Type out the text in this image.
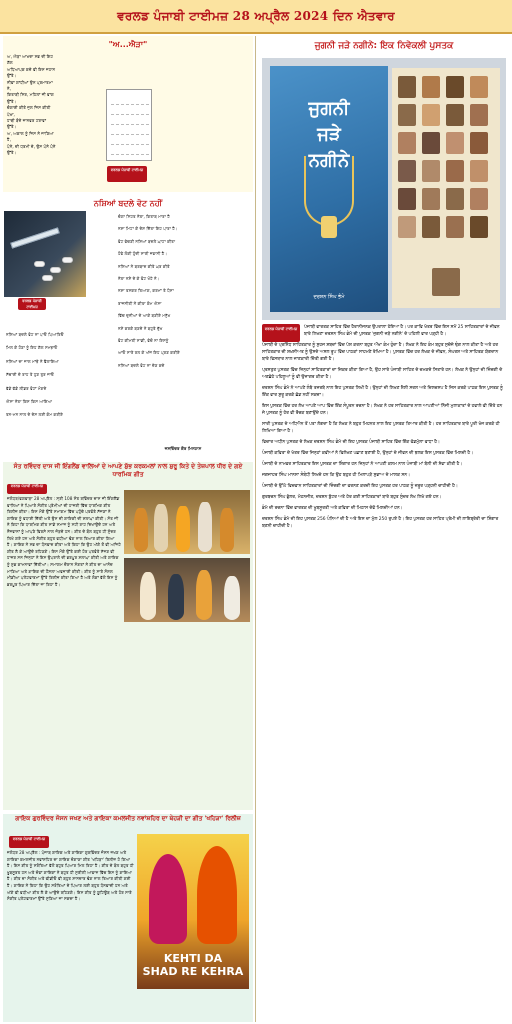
ਵਰਲਡ ਪੰਜਾਬੀ ਟਾਈਮਜ਼ 28 ਅਪ੍ਰੈਲ 2024 ਦਿਨ ਐਤਵਾਰ
"ਅ...ਐੜਾ"
ਅ, ਐੜਾ ਆਖਦਾ ਸਭ ਦੀ ਇਹ
ਗੱਲ
ਅਧਿਆਪਕ ਕਦੇ ਵੀ ਇਸ ਜਹਾਨ
ਉੱਤੇ।
ਨੀਵਾਂ ਗਾਂਧੀਆਂ ਉਨ ਪ੍ਰਮਾਤਮਾ
ਨੇ,
ਕਿਤਾਬੀ ਸਿਰ, ਮਹਿਲਾਂ ਜੀ ਵਾਂਗ
ਉੱਤੇ।
ਚੰਗਾਈ ਕੀਤੇ ਜੁਲ ਜਿਸ ਕੀਤੀ
ਪੇਖਾ,
ਹਾਥੀ ਬੰਦੇ ਜਾਨਵਰ ਟਰਾਵਾਂ
ਉੱਤੇ।
ਅ, ਅਕਾਲ ਨੂੰ ਜਿਸ ਨੇ ਜਾਣਿਆ
ਹੈ,
ਪੰਨੇ, ਦੀ ਧਰਮੀ ਦੇ, ਉਸ ਪੰਨੇ ਪੰਨੇ
ਉੱਤੇ।
ਵਰਲਡ ਪੰਜਾਬੀ ਟਾਈਮਜ਼
ਨਸ਼ਿਆਂ ਬਦਲੇ ਵੋਟ ਨਹੀਂ
ਵਰਲਡ ਪੰਜਾਬੀ ਟਾਈਮਜ਼
ਚੰਗਾ ਸਿਹਤ ਨੇਤਾ, ਕਿਤਾਬ ਮਾਰਾ ਹੈ
ਨਸ਼ਾ ਮਿਟਾ ਕੇ ਦੇਸ਼ ਦਿੱਤਾ ਇਹ ਪਾਰਾ ਹੈ।
ਵੋਟ ਵੇਚਣੀ ਨਸ਼ਿਆਂ ਬਦਲੇ ਘਾਟਾ ਕੀਤਾ
ਹੋਵੇ ਲੋਕੀ ਹੁੰਦੀ ਸਾਰੀ ਜਵਾਨੀ ਹੈ।
ਨਸ਼ਿਆਂ ਨੇ ਬਰਬਾਦ ਕੀਤੇ ਘਰ ਕੀਤੇ
ਨੇਤਾ ਨਸ਼ੇ ਦੇ ਕੇ ਵੋਟ ਖੋਹੇ ਨੇ।
ਨਸ਼ਾ ਤਸਕਰ ਤਿਆਗ, ਕਰਮਾਂ ਤੇ ਪੈਸਾ
ਰਾਜਨੀਤੀ ਨੇ ਕੀਤਾ ਕੰਮ ਐਸਾ
ਵਿੱਚ ਦੁਨੀਆਂ ਦੇ ਆਕੇ ਬਣੀਏ ਮਨੁੱਖ
ਨਸ਼ੇ ਕਰਕੇ ਬਣਦੇ ਨੇ ਬਹੁਤੇ ਦੁੱਖ
ਵੋਟ ਕੀਮਤੀ ਸਾਡੀ, ਵੇਚੋ ਨਾ ਇਸਨੂੰ
ਆਓ ਸਾਰੇ ਰਲ ਕੇ ਅੱਜ ਇਹ ਪ੍ਰਣ ਕਰੀਏ
ਨਸ਼ਿਆਂ ਬਦਲੇ ਵੋਟ ਨਾ ਦੇਣ ਕਦੇ
ਨਸ਼ਿਆਂ ਬਦਲੇ ਵੋਟ ਨਾ ਪਾਓ ਪਿਆਰਿਓ
ਮਿਲ ਕੇ ਹੋਣਾ ਨੂੰ ਇਹ ਗੱਲ ਸਮਝਾਓ
ਨਸ਼ਿਆਂ ਦਾ ਜਾਲ ਮਾਂਝੇ ਨੇ ਫੈਲਾਇਆ
ਸੱਚਾਈ ਦੇ ਰਾਹ ਤੇ ਹੁਣ ਤੁਰ ਜਾਓ
ਵੱਡੇ ਵੱਡੇ ਲੀਡਰ ਵੋਟਾਂ ਮੰਗਦੇ
ਐਸਾ ਨੇਤਾ ਕਿਸ ਕਿਸ ਆਇਆ
ਤਨ-ਮਨ ਨਾਲ ਦੇ ਦੇਸ ਲਈ ਕੰਮ ਕਰੀਏ
ਜਸਵਿੰਦਰ ਕੌਰ ਮਿਨਹਾਸ
ਸੰਤ ਰਵਿੰਦਰ ਦਾਸ ਜੀ ਇੰਗਲੈਂਡ ਵਾਲਿਆਂ ਦੇ ਆਪਣੇ ਸ਼ੁੱਭ ਕਰਕਮਲਾਂ ਨਾਲ ਸ਼ੁਰੂ ਕਿਤੇ ਦੇ ਤੇਜ਼ਪਾਲ ਧੀਰ ਦੇ ਗਏ ਧਾਰਮਿਕ ਗੀਤ
ਵਰਲਡ ਪੰਜਾਬੀ ਟਾਈਮਜ਼
ਜਲੰਧਰ/ਫਗਵਾੜਾ 28 ਅਪ੍ਰੈਲ : ਸ੍ਰੀ 108 ਸੰਤ ਰਵਿੰਦਰ ਦਾਸ ਜੀ ਇੰਗਲੈਂਡ ਵਾਲਿਆਂ ਨੇ ਪਿਆਰੇ ਸੰਗੀਤ ਪ੍ਰੇਮੀਆਂ ਦੀ ਹਾਜ਼ਰੀ ਵਿੱਚ ਧਾਰਮਿਕ ਗੀਤ ਰਿਲੀਜ਼ ਕੀਤਾ। ਇਸ ਮੌਕੇ ਉੱਤੇ ਸਮਾਗਮ ਵਿੱਚ ਪਹੁੰਚੇ ਪਤਵੰਤੇ ਸੱਜਣਾਂ ਨੇ ਗਾਇਕ ਨੂੰ ਵਧਾਈ ਦਿੱਤੀ ਅਤੇ ਉਸ ਦੀ ਗਾਇਕੀ ਦੀ ਸ਼ਲਾਘਾ ਕੀਤੀ। ਸੰਤ ਜੀ ਨੇ ਕਿਹਾ ਕਿ ਧਾਰਮਿਕ ਗੀਤ ਸਾਡੇ ਸਮਾਜ ਨੂੰ ਸਹੀ ਰਾਹ ਦਿਖਾਉਂਦੇ ਹਨ ਅਤੇ ਨੌਜਵਾਨਾਂ ਨੂੰ ਆਪਣੇ ਵਿਰਸੇ ਨਾਲ ਜੋੜਦੇ ਹਨ। ਗੀਤ ਦੇ ਬੋਲ ਬਹੁਤ ਹੀ ਸੁੰਦਰ ਲਿਖੇ ਗਏ ਹਨ ਅਤੇ ਸੰਗੀਤ ਬਹੁਤ ਵਧੀਆ ਢੰਗ ਨਾਲ ਤਿਆਰ ਕੀਤਾ ਗਿਆ ਹੈ। ਗਾਇਕ ਨੇ ਸਭ ਦਾ ਧੰਨਵਾਦ ਕੀਤਾ ਅਤੇ ਕਿਹਾ ਕਿ ਉਹ ਅੱਗੇ ਤੋਂ ਵੀ ਅਜਿਹੇ ਗੀਤ ਲੈ ਕੇ ਆਉਂਦੇ ਰਹਿਣਗੇ। ਇਸ ਮੌਕੇ ਉੱਤੇ ਕਈ ਹੋਰ ਪਤਵੰਤੇ ਸੱਜਣ ਵੀ ਹਾਜ਼ਰ ਸਨ ਜਿਨ੍ਹਾਂ ਨੇ ਇਸ ਉਪਰਾਲੇ ਦੀ ਭਰਪੂਰ ਸ਼ਲਾਘਾ ਕੀਤੀ ਅਤੇ ਗਾਇਕ ਨੂੰ ਸ਼ੁਭ ਕਾਮਨਾਵਾਂ ਦਿੱਤੀਆਂ। ਸਮਾਗਮ ਦੌਰਾਨ ਸੰਗਤਾਂ ਨੇ ਗੀਤ ਦਾ ਆਨੰਦ ਮਾਣਿਆ ਅਤੇ ਗਾਇਕ ਦੀ ਹੌਸਲਾ ਅਫਜ਼ਾਈ ਕੀਤੀ। ਗੀਤ ਨੂੰ ਸਾਰੇ ਸੋਸ਼ਲ ਮੀਡੀਆ ਪਲੇਟਫਾਰਮਾਂ ਉੱਤੇ ਰਿਲੀਜ਼ ਕੀਤਾ ਗਿਆ ਹੈ ਅਤੇ ਲੋਕਾਂ ਵੱਲੋਂ ਇਸ ਨੂੰ ਭਰਪੂਰ ਪਿਆਰ ਦਿੱਤਾ ਜਾ ਰਿਹਾ ਹੈ।
ਗਾਇਕ ਗੁਰਵਿੰਦਰ ਜੋਸਨ ਜਖਣ ਅਤੇ ਗਾਇਕਾ ਕਮਲਜੀਤ ਨਵਾਂਸ਼ਹਿਰ ਦਾ ਥੇਹੜੀ ਦਾ ਗੀਤ 'ਖਹਿੜਾ' ਰਿਲੀਜ਼
ਵਰਲਡ ਪੰਜਾਬੀ ਟਾਈਮਜ਼
ਜਲੰਧਰ 28 ਅਪ੍ਰੈਲ : ਪੰਜਾਬ ਗਾਇਕ ਅਤੇ ਗਾਇਕਾ ਗੁਰਵਿੰਦਰ ਜੋਸਨ ਜਖਣ ਅਤੇ ਗਾਇਕਾ ਕਮਲਜੀਤ ਨਵਾਂਸ਼ਹਿਰ ਦਾ ਗਾਇਕ ਦੋਗਾਣਾ ਗੀਤ 'ਖਹਿੜਾ' ਰਿਲੀਜ਼ ਹੋ ਗਿਆ ਹੈ। ਇਸ ਗੀਤ ਨੂੰ ਸਰੋਤਿਆਂ ਵੱਲੋਂ ਬਹੁਤ ਪਿਆਰ ਮਿਲ ਰਿਹਾ ਹੈ। ਗੀਤ ਦੇ ਬੋਲ ਬਹੁਤ ਹੀ ਖੂਬਸੂਰਤ ਹਨ ਅਤੇ ਦੋਵਾਂ ਗਾਇਕਾਂ ਨੇ ਬਹੁਤ ਹੀ ਸੁਰੀਲੀ ਆਵਾਜ਼ ਵਿੱਚ ਇਸ ਨੂੰ ਗਾਇਆ ਹੈ। ਗੀਤ ਦਾ ਸੰਗੀਤ ਅਤੇ ਵੀਡੀਓ ਵੀ ਬਹੁਤ ਸ਼ਾਨਦਾਰ ਢੰਗ ਨਾਲ ਤਿਆਰ ਕੀਤੀ ਗਈ ਹੈ। ਗਾਇਕ ਨੇ ਕਿਹਾ ਕਿ ਉਹ ਸਰੋਤਿਆਂ ਦੇ ਪਿਆਰ ਲਈ ਬਹੁਤ ਧੰਨਵਾਦੀ ਹਨ ਅਤੇ ਅੱਗੇ ਵੀ ਵਧੀਆ ਗੀਤ ਲੈ ਕੇ ਆਉਂਦੇ ਰਹਿਣਗੇ। ਇਸ ਗੀਤ ਨੂੰ ਯੂਟਿਊਬ ਅਤੇ ਹੋਰ ਸਾਰੇ ਸੰਗੀਤ ਪਲੇਟਫਾਰਮਾਂ ਉੱਤੇ ਸੁਣਿਆ ਜਾ ਸਕਦਾ ਹੈ।
KEHTI DA
SHAD RE KEHRA
ਜੁਗਨੀ ਜੜੇ ਨਗੀਨੇ: ਇਕ ਨਿਵੇਕਲੀ ਪੁਸਤਕ
ਜੁਗਨੀ
ਜੜੇ
ਨਗੀਨੇ
ਦਰਸ਼ਨ ਸਿੰਘ ਭੰਮੇ
ਵਰਲਡ ਪੰਜਾਬੀ ਟਾਈਮਜ਼	ਪੰਜਾਬੀ ਵਾਰਤਕ ਸਾਹਿਤ ਵਿੱਚ ਹੈਰਾਨੀਜਨਕ ਉਪਰਾਲਾ ਹੋਇਆ ਹੈ। ਪਰ ਕਾਵਿ ਖੇਤਰ ਵਿੱਚ ਇਸ ਸਮੇਂ 25 ਸਾਹਿਤਕਾਰਾਂ ਦੇ ਜੀਵਨ ਬਾਰੇ ਲਿਖਣਾ ਦਰਸ਼ਨ ਸਿੰਘ ਭੰਮੇ ਦੀ ਪੁਸਤਕ 'ਜੁਗਨੀ ਜੜੇ ਨਗੀਨੇ' ਦੇ ਪਹਿਲੀ ਵਾਰ ਪੜ੍ਹੀ ਹੈ।

ਪੰਜਾਬੀ ਦੇ ਪ੍ਰਸਿੱਧ ਸਾਹਿਤਕਾਰ ਨੂੰ ਸੁਹਜ ਸ਼ਬਦਾਂ ਵਿੱਚ ਪੇਸ਼ ਕਰਨਾ ਬਹੁਤ ਔਖਾ ਕੰਮ ਹੁੰਦਾ ਹੈ। ਲੇਖਕ ਨੇ ਇਹ ਕੰਮ ਬਹੁਤ ਸੁਚੱਜੇ ਢੰਗ ਨਾਲ ਕੀਤਾ ਹੈ ਅਤੇ ਹਰ ਸਾਹਿਤਕਾਰ ਦੀ ਸ਼ਖ਼ਸੀਅਤ ਨੂੰ ਉਸਦੇ ਅਸਲ ਰੂਪ ਵਿੱਚ ਪਾਠਕਾਂ ਸਾਹਮਣੇ ਰੱਖਿਆ ਹੈ। ਪੁਸਤਕ ਵਿੱਚ ਹਰ ਲੇਖਕ ਦੇ ਜੀਵਨ, ਸੰਘਰਸ਼ ਅਤੇ ਸਾਹਿਤਕ ਯੋਗਦਾਨ ਬਾਰੇ ਵਿਸਥਾਰ ਨਾਲ ਜਾਣਕਾਰੀ ਦਿੱਤੀ ਗਈ ਹੈ।

ਪ੍ਰਸਤੁਤ ਪੁਸਤਕ ਵਿੱਚ ਜਿਨ੍ਹਾਂ ਸਾਹਿਤਕਾਰਾਂ ਦਾ ਜ਼ਿਕਰ ਕੀਤਾ ਗਿਆ ਹੈ, ਉਹ ਸਾਰੇ ਪੰਜਾਬੀ ਸਾਹਿਤ ਦੇ ਚਮਕਦੇ ਸਿਤਾਰੇ ਹਨ। ਲੇਖਕ ਨੇ ਉਨ੍ਹਾਂ ਦੀ ਜ਼ਿੰਦਗੀ ਦੇ ਅਣਛੋਹੇ ਪਹਿਲੂਆਂ ਨੂੰ ਵੀ ਉਜਾਗਰ ਕੀਤਾ ਹੈ।

ਦਰਸ਼ਨ ਸਿੰਘ ਭੰਮੇ ਨੇ ਆਪਣੇ ਲੰਬੇ ਤਜਰਬੇ ਨਾਲ ਇਹ ਪੁਸਤਕ ਲਿਖੀ ਹੈ। ਉਨ੍ਹਾਂ ਦੀ ਲਿਖਣ ਸ਼ੈਲੀ ਸਰਲ ਅਤੇ ਦਿਲਚਸਪ ਹੈ ਜਿਸ ਕਰਕੇ ਪਾਠਕ ਇਸ ਪੁਸਤਕ ਨੂੰ ਇੱਕ ਵਾਰ ਸ਼ੁਰੂ ਕਰਕੇ ਛੱਡ ਨਹੀਂ ਸਕਦਾ।

ਇਸ ਪੁਸਤਕ ਵਿੱਚ ਹਰ ਲੇਖ ਆਪਣੇ ਆਪ ਵਿੱਚ ਇੱਕ ਸੰਪੂਰਨ ਰਚਨਾ ਹੈ। ਲੇਖਕ ਨੇ ਹਰ ਸਾਹਿਤਕਾਰ ਨਾਲ ਆਪਣੀਆਂ ਨਿੱਜੀ ਮੁਲਾਕਾਤਾਂ ਦੇ ਹਵਾਲੇ ਵੀ ਦਿੱਤੇ ਹਨ ਜੋ ਪੁਸਤਕ ਨੂੰ ਹੋਰ ਵੀ ਰੌਚਕ ਬਣਾਉਂਦੇ ਹਨ।

ਸਾਰੀ ਪੁਸਤਕ ਦੇ ਅਧਿਐਨ ਤੋਂ ਪਤਾ ਲੱਗਦਾ ਹੈ ਕਿ ਲੇਖਕ ਨੇ ਬਹੁਤ ਮਿਹਨਤ ਨਾਲ ਇਹ ਪੁਸਤਕ ਤਿਆਰ ਕੀਤੀ ਹੈ। ਹਰ ਸਾਹਿਤਕਾਰ ਬਾਰੇ ਪੂਰੀ ਖੋਜ ਕਰਕੇ ਹੀ ਲਿਖਿਆ ਗਿਆ ਹੈ।

ਵਿਚਾਰ ਅਧੀਨ ਪੁਸਤਕ ਦੇ ਲੇਖਕ ਦਰਸ਼ਨ ਸਿੰਘ ਭੰਮੇ ਦੀ ਇਹ ਪੁਸਤਕ ਪੰਜਾਬੀ ਸਾਹਿਤ ਵਿੱਚ ਇੱਕ ਵੱਡਮੁੱਲਾ ਵਾਧਾ ਹੈ।

ਪੰਜਾਬੀ ਕਵਿਤਾ ਦੇ ਖੇਤਰ ਵਿੱਚ ਜਿਨ੍ਹਾਂ ਕਵੀਆਂ ਨੇ ਵਿਲੱਖਣ ਪਛਾਣ ਬਣਾਈ ਹੈ, ਉਨ੍ਹਾਂ ਦੇ ਜੀਵਨ ਦੀ ਝਲਕ ਇਸ ਪੁਸਤਕ ਵਿੱਚ ਮਿਲਦੀ ਹੈ।

ਪੰਜਾਬੀ ਦੇ ਨਾਮਵਰ ਸਾਹਿਤਕਾਰ ਇਸ ਪੁਸਤਕ ਦਾ ਸ਼ਿੰਗਾਰ ਹਨ ਜਿਨ੍ਹਾਂ ਨੇ ਆਪਣੀ ਕਲਮ ਨਾਲ ਪੰਜਾਬੀ ਮਾਂ ਬੋਲੀ ਦੀ ਸੇਵਾ ਕੀਤੀ ਹੈ।

ਜਗਜਾਹਰ ਸਿੰਘ ਮਾਨਸਾ ਸੰਬੰਧੀ ਲਿਖਦੇ ਹਨ ਕਿ ਉਹ ਬਹੁਤ ਹੀ ਮਿਲਾਪੜੇ ਸੁਭਾਅ ਦੇ ਮਾਲਕ ਸਨ।

ਪੰਜਾਬੀ ਦੇ ਉੱਘੇ ਵਿਦਵਾਨ ਸਾਹਿਤਕਾਰਾਂ ਦੀ ਜ਼ਿੰਦਗੀ ਦਾ ਵਰਨਣ ਕਰਦੀ ਇਹ ਪੁਸਤਕ ਹਰ ਪਾਠਕ ਨੂੰ ਜ਼ਰੂਰ ਪੜ੍ਹਨੀ ਚਾਹੀਦੀ ਹੈ।

ਗੁਰਬਚਨ ਸਿੰਘ ਭੁੱਲਰ, ਮੋਹਨਜੀਤ, ਦਰਸ਼ਨ ਬੁੱਟਰ ਅਤੇ ਹੋਰ ਕਈ ਸਾਹਿਤਕਾਰਾਂ ਬਾਰੇ ਬਹੁਤ ਸੁੰਦਰ ਲੇਖ ਲਿਖੇ ਗਏ ਹਨ।

ਭੰਮੇ ਦੀ ਰਚਨਾ ਵਿੱਚ ਵਾਰਤਕ ਦੀ ਖੂਬਸੂਰਤੀ ਅਤੇ ਕਵਿਤਾ ਦੀ ਮਿਠਾਸ ਦੋਵੇਂ ਮਿਲਦੀਆਂ ਹਨ।

ਦਰਸ਼ਨ ਸਿੰਘ ਭੰਮੇ ਦੀ ਇਹ ਪੁਸਤਕ 256 ਪੰਨਿਆਂ ਦੀ ਹੈ ਅਤੇ ਇਸ ਦਾ ਮੁੱਲ 250 ਰੁਪਏ ਹੈ। ਇਹ ਪੁਸਤਕ ਹਰ ਸਾਹਿਤ ਪ੍ਰੇਮੀ ਦੀ ਲਾਇਬ੍ਰੇਰੀ ਦਾ ਸ਼ਿੰਗਾਰ ਬਣਨੀ ਚਾਹੀਦੀ ਹੈ।
